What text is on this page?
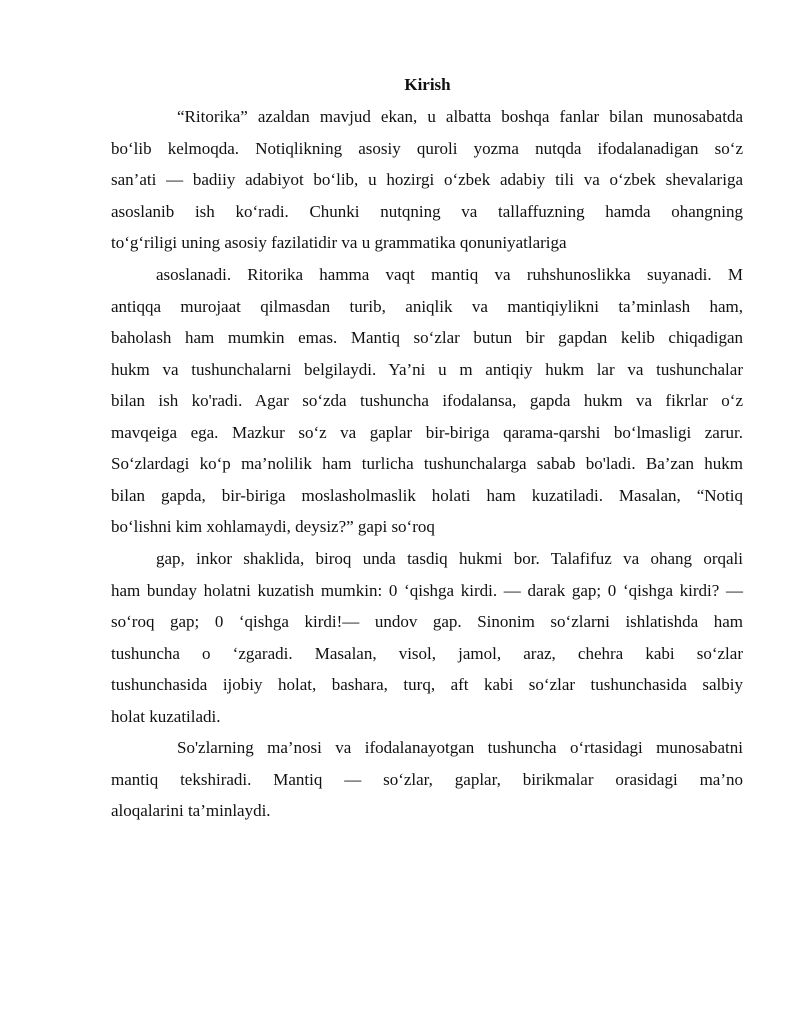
Kirish
“Ritorika” azaldan mavjud ekan, u albatta boshqa fanlar bilan munosabatda
bo‘lib kelmoqda. Notiqlikning asosiy quroli yozma nutqda ifodalanadigan so‘z
san’ati — badiiy adabiyot bo‘lib, u hozirgi o‘zbek adabiy tili va o‘zbek shevalariga
asoslanib ish ko‘radi. Chunki nutqning va tallaffuzning hamda ohangning
to‘g‘riligi uning asosiy fazilatidir va u grammatika qonuniyatlariga
asoslanadi. Ritorika hamma vaqt mantiq va ruhshunoslikka suyanadi. M
antiqqa murojaat qilmasdan turib, aniqlik va mantiqiylikni ta’minlash ham,
baholash ham mumkin emas. Mantiq so‘zlar butun bir gapdan kelib chiqadigan
hukm va tushunchalarni belgilaydi. Ya’ni u m antiqiy hukm lar va tushunchalar
bilan ish ko'radi. Agar so‘zda tushuncha ifodalansa, gapda hukm va fikrlar o‘z
mavqeiga ega. Mazkur so‘z va gaplar bir-biriga qarama-qarshi bo‘lmasligi zarur.
So‘zlardagi ko‘p ma’nolilik ham turlicha tushunchalarga sabab bo'ladi. Ba’zan hukm
bilan gapda, bir-biriga moslasholmaslik holati ham kuzatiladi. Masalan, “Notiq
bo‘lishni kim xohlamaydi, deysiz?” gapi so‘roq
gap, inkor shaklida, biroq unda tasdiq hukmi bor. Talafifuz va ohang orqali
ham bunday holatni kuzatish mumkin: 0 ‘qishga kirdi. — darak gap; 0 ‘qishga kirdi? —
so‘roq gap; 0 ‘qishga kirdi!— undov gap. Sinonim so‘zlarni ishlatishda ham
tushuncha o ‘zgaradi. Masalan, visol, jamol, araz, chehra kabi so‘zlar
tushunchasida ijobiy holat, bashara, turq, aft kabi so‘zlar tushunchasida salbiy
holat kuzatiladi.
So'zlarning ma’nosi va ifodalanayotgan tushuncha o‘rtasidagi munosabatni
mantiq tekshiradi. Mantiq — so‘zlar, gaplar, birikmalar orasidagi ma’no
aloqalarini ta’minlaydi.
